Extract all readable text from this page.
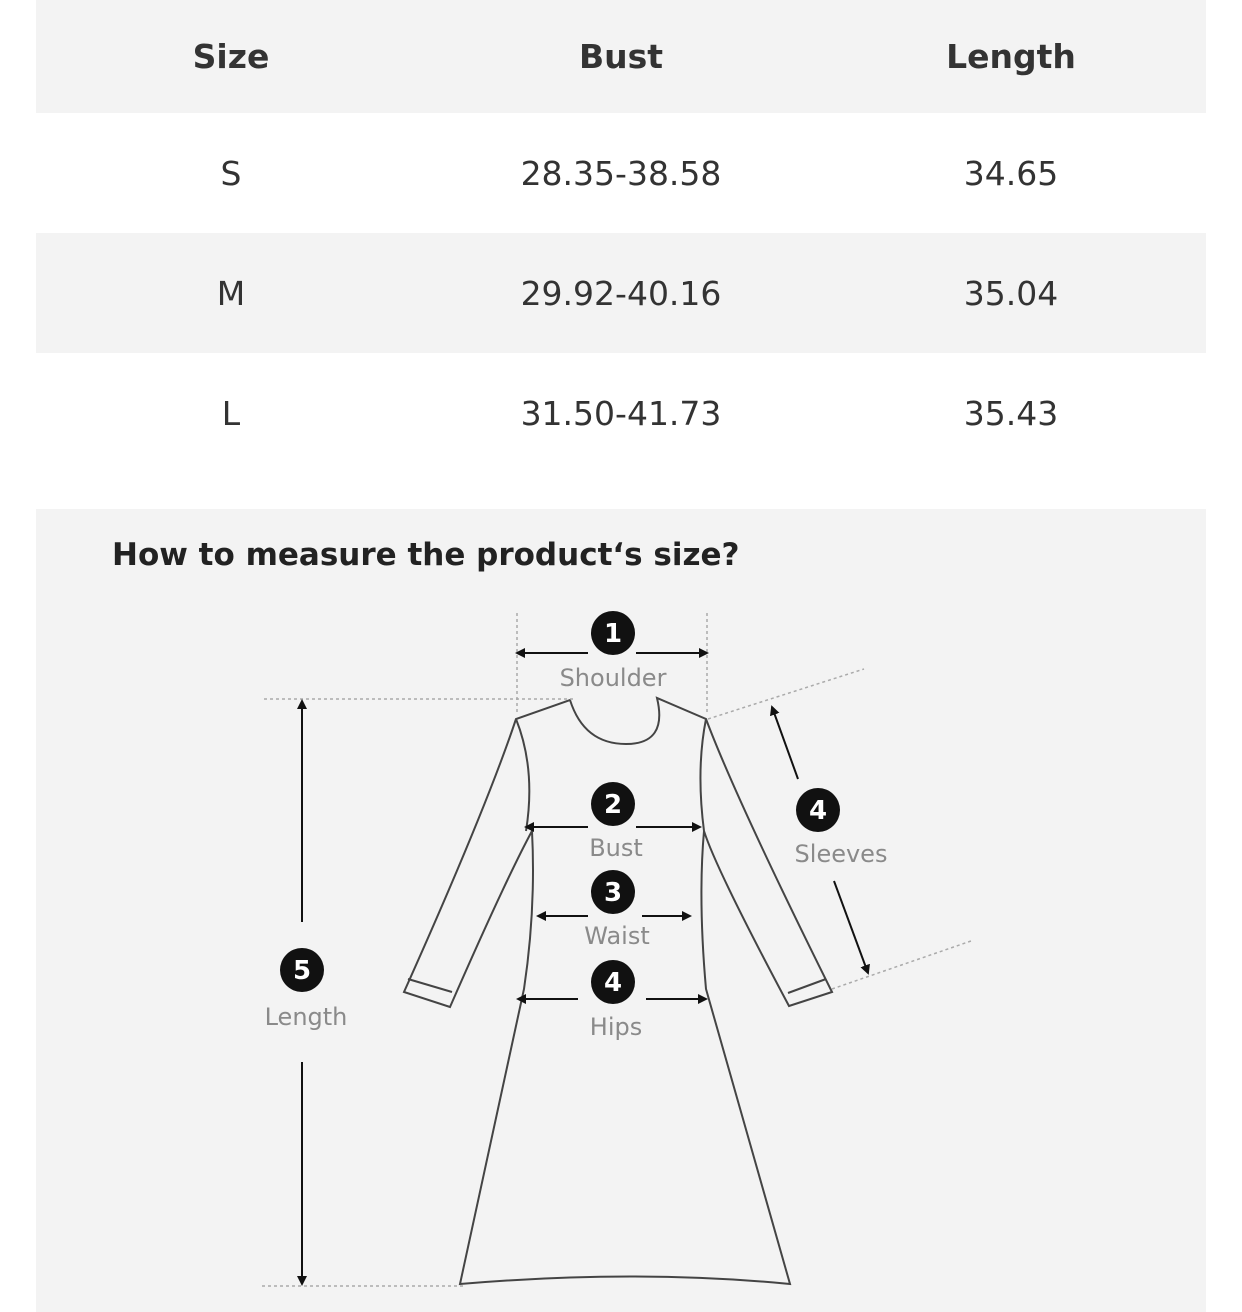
Size	Bust	Length
S	28.35-38.58	34.65
M	29.92-40.16	35.04
L	31.50-41.73	35.43
How to measure the product‘s size?
1
2
3
4
4
5
Shoulder
Bust
Waist
Hips
Sleeves
Length
